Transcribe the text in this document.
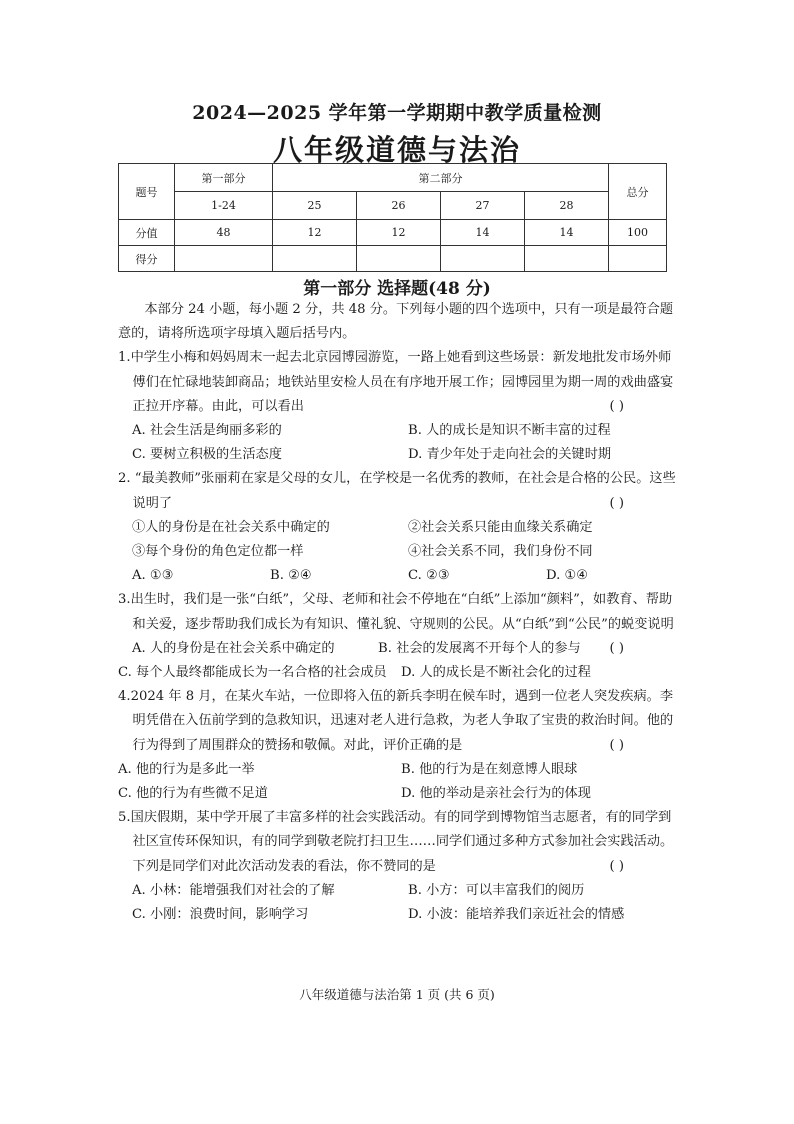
2024—2025 学年第一学期期中教学质量检测
八年级道德与法治
题号	第一部分	第二部分				总分
	1-24	25	26	27	28	
分值	48	12	12	14	14	100
得分						
第一部分 选择题(48 分)

本部分 24 小题，每小题 2 分，共 48 分。下列每小题的四个选项中，只有一项是最符合题意的，请将所选项字母填入题后括号内。

1.中学生小梅和妈妈周末一起去北京园博园游览，一路上她看到这些场景：新发地批发市场外师傅们在忙碌地装卸商品；地铁站里安检人员在有序地开展工作；园博园里为期一周的戏曲盛宴正拉开序幕。由此，可以看出	( )

A. 社会生活是绚丽多彩的	B. 人的成长是知识不断丰富的过程
C. 要树立积极的生活态度	D. 青少年处于走向社会的关键时期

2. “最美教师”张丽莉在家是父母的女儿，在学校是一名优秀的教师，在社会是合格的公民。这些说明了	( )

①人的身份是在社会关系中确定的	②社会关系只能由血缘关系确定
③每个身份的角色定位都一样	④社会关系不同，我们身份不同
A. ①③	B. ②④	C. ②③	D. ①④

3.出生时，我们是一张“白纸”，父母、老师和社会不停地在“白纸”上添加“颜料”，如教育、帮助和关爱，逐步帮助我们成长为有知识、懂礼貌、守规则的公民。从“白纸”到“公民”的蜕变说明
( )

A. 人的身份是在社会关系中确定的	B. 社会的发展离不开每个人的参与
C. 每个人最终都能成长为一名合格的社会成员	D. 人的成长是不断社会化的过程

4.2024 年 8 月，在某火车站，一位即将入伍的新兵李明在候车时，遇到一位老人突发疾病。李明凭借在入伍前学到的急救知识，迅速对老人进行急救，为老人争取了宝贵的救治时间。他的行为得到了周围群众的赞扬和敬佩。对此，评价正确的是	( )

A. 他的行为是多此一举	B. 他的行为是在刻意博人眼球
C. 他的行为有些微不足道	D. 他的举动是亲社会行为的体现

5.国庆假期，某中学开展了丰富多样的社会实践活动。有的同学到博物馆当志愿者，有的同学到社区宣传环保知识，有的同学到敬老院打扫卫生……同学们通过多种方式参加社会实践活动。下列是同学们对此次活动发表的看法，你不赞同的是	( )

A. 小林：能增强我们对社会的了解	B. 小方：可以丰富我们的阅历
C. 小刚：浪费时间，影响学习	D. 小波：能培养我们亲近社会的情感
八年级道德与法治第 1 页 (共 6 页)
